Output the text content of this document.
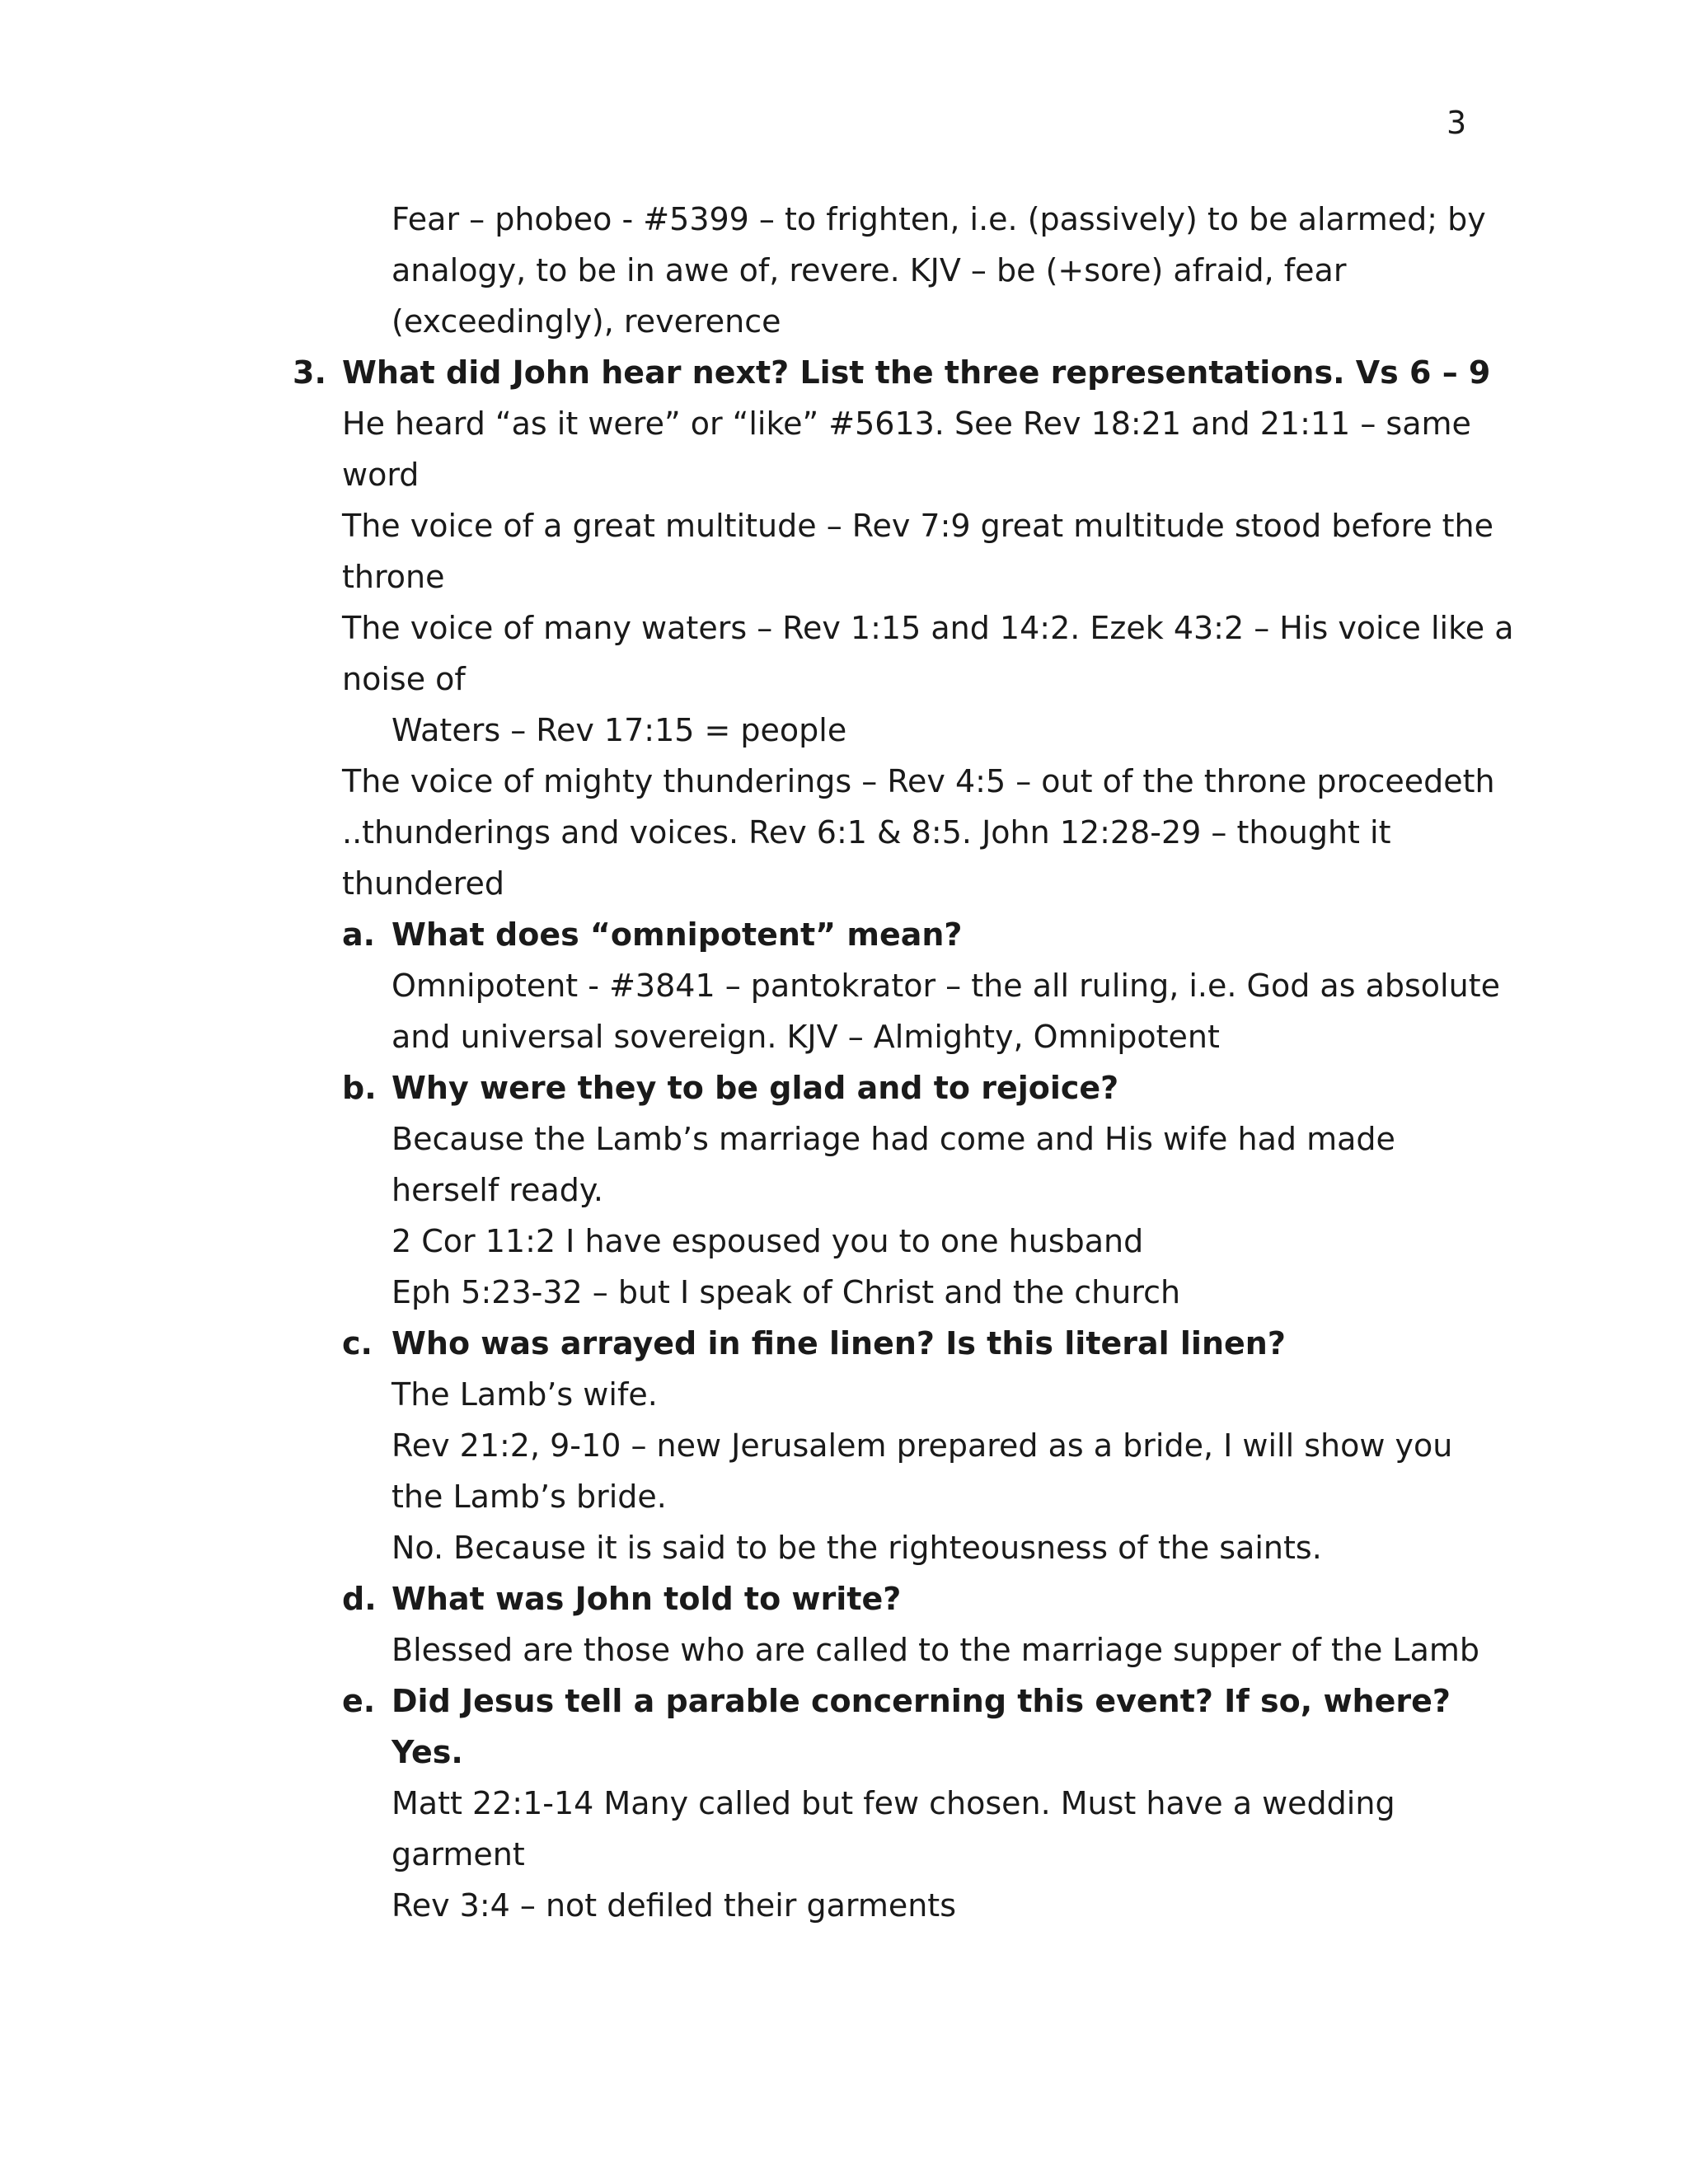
3
Fear – phobeo - #5399 – to frighten, i.e. (passively) to be alarmed; by
analogy, to be in awe of, revere. KJV – be (+sore) afraid, fear
(exceedingly), reverence
3. What did John hear next? List the three representations. Vs 6 – 9
He heard “as it were” or “like” #5613. See Rev 18:21 and 21:11 – same
word
The voice of a great multitude – Rev 7:9 great multitude stood before the
throne
The voice of many waters – Rev 1:15 and 14:2. Ezek 43:2 – His voice like a
noise of
Waters – Rev 17:15 = people
The voice of mighty thunderings – Rev 4:5 – out of the throne proceedeth
..thunderings and voices. Rev 6:1 & 8:5. John 12:28-29 – thought it
thundered
a. What does “omnipotent” mean?
Omnipotent - #3841 – pantokrator – the all ruling, i.e. God as absolute
and universal sovereign. KJV – Almighty, Omnipotent
b. Why were they to be glad and to rejoice?
Because the Lamb’s marriage had come and His wife had made
herself ready.
2 Cor 11:2 I have espoused you to one husband
Eph 5:23-32 – but I speak of Christ and the church
c. Who was arrayed in fine linen? Is this literal linen?
The Lamb’s wife.
Rev 21:2, 9-10 – new Jerusalem prepared as a bride, I will show you
the Lamb’s bride.
No. Because it is said to be the righteousness of the saints.
d. What was John told to write?
Blessed are those who are called to the marriage supper of the Lamb
e. Did Jesus tell a parable concerning this event? If so, where?
Yes.
Matt 22:1-14 Many called but few chosen. Must have a wedding
garment
Rev 3:4 – not defiled their garments
